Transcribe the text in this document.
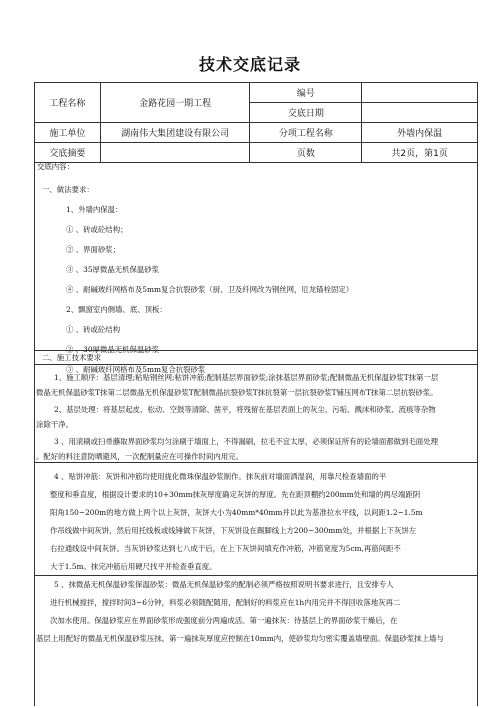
技术交底记录
工程名称	金路花园一期工程	编号	
		交底日期	
施工单位	湖南伟大集团建设有限公司	分项工程名称	外墙内保温
交底摘要		页数	共2页，第1页
交底内容：
一、做法要求：
1、外墙内保温：
① 、砖或砼结构；
② 、界面砂浆；
③ 、35厚微晶无机保温砂浆
④ 、耐碱玻纤网格布及5mm复合抗裂砂浆（厨、卫及纤网改为钢丝网，厄龙锚栓固定）
2、飘窗室内侧墙、底、顶板：
① 、砖或砼结构
② 、30厚微晶无机保温砂浆
③ 、耐碱玻纤网格布及5mm复合抗裂砂浆
二、施工技术要求
1、施工顺序：基层清理;粘贴钢丝网;粘饼冲筋;配制基层界面砂浆;涂抹基层界面砂浆;配制微晶无机保温砂浆T抹第一层
微晶无机保温砂浆T抹第二层微晶无机保温砂浆T配制微晶抗裂砂浆T抹抗裂第一层抗裂砂浆T铺压网布T抹第二层抗裂砂浆。
2、基层处理：将基层起皮、松动、空鼓等清除、凿平，将残留在基层表面上的灰尘、污垢、溅沫和砂浆、流痕等杂物
涂除干净。
3 、用滚刷或扫帚蘸取界面砂浆均匀涂刷于墙面上，不得漏刷，拉毛不宜太厚，必须保证所有的砼墙面都做到毛面处理
。配好的料注意防晒避风，一次配制量应在可操作时间内用完。
4 、贴饼冲筋：灰饼和冲筋均使用拢化微珠保温砂浆制作。抹灰前对墙面洒湿润，用靠尺检查墙面的平
整度和垂直度，根据设计要求的10+30mm抹灰厚度确定灰饼的厚度。先在距顶棚约200mm处和墙的两尽端距阴
阳角150~200m的地方做上两个以上灰饼，灰饼大小为40mm*40mm并以此为基准拉水平线，以间距1.2~1.5m
作吊线做中间灰饼，然后用托线板或线锤做下灰饼，下灰饼设在踢脚线上方200~300mm处，并根据上下灰饼左
右拉通线设中间灰饼。当灰饼砂浆达到七八成干后，在上下灰饼间填充作冲筋，冲筋宽度为5cm,再筋间距不
大于1.5m。抹完冲筋后用硬尺找平并检查垂直度。
5 、抹微晶无机保温砂浆保温砂浆：微晶无机保温砂浆的配制必须严格按照说明书要求进行，且安排专人
进行机械搅拌，搅拌时间3~6分钟，料浆必须随配随用，配制好的料浆应在1h内用完并不得回收落地灰再二
次加水使用。保温砂浆应在界面砂浆形成强度前分两遍成活。第一遍抹灰：待基层上的界面砂浆干燥后，在
基层上用配好的微晶无机保温砂浆压抹。第一遍抹灰厚度应控制在10mm内，使砂浆均匀密实覆盖墙壁面。保温砂浆抹上墙与
